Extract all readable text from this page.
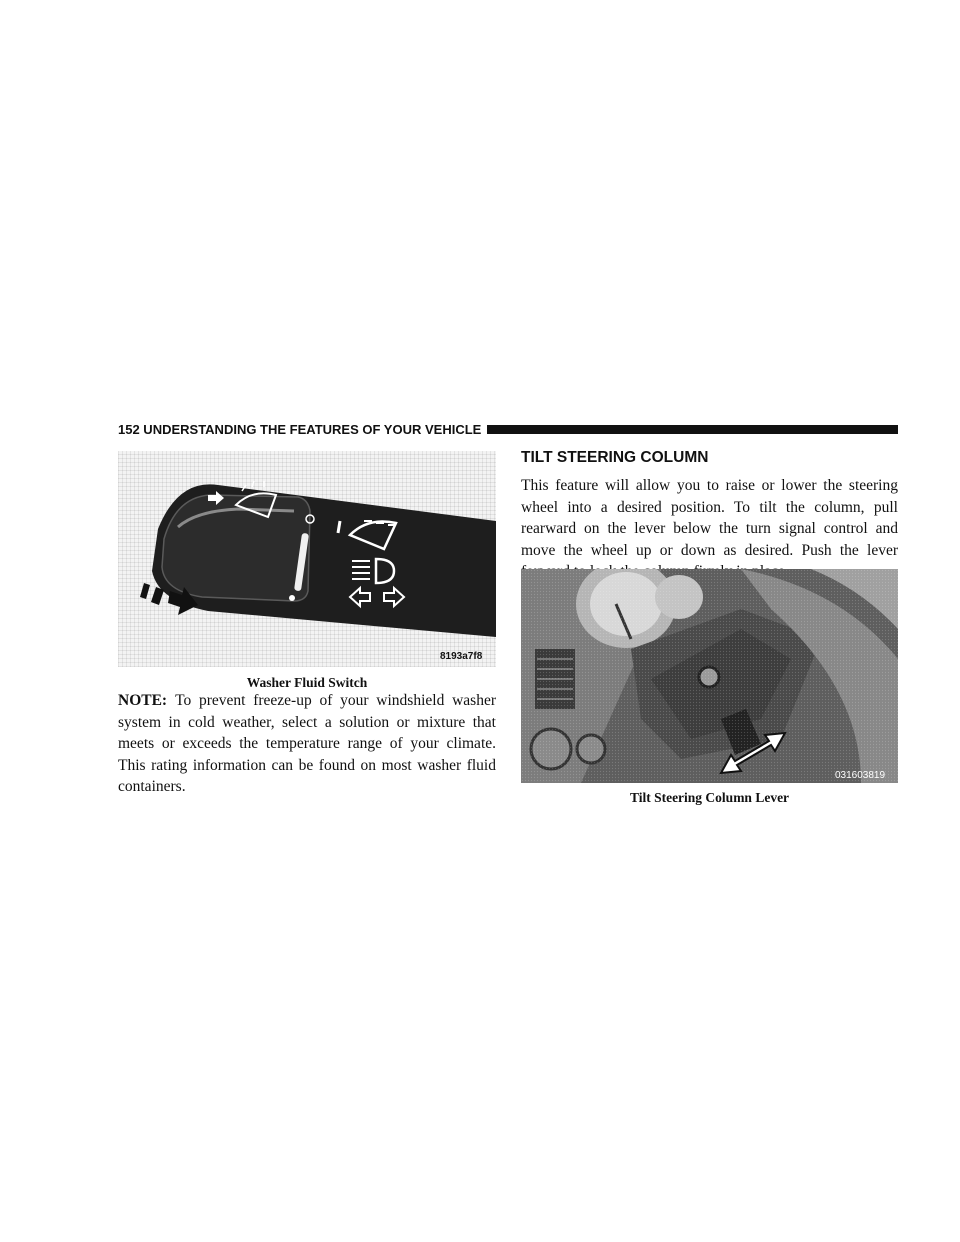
152 UNDERSTANDING THE FEATURES OF YOUR VEHICLE
8193a7f8
Washer Fluid Switch
NOTE: To prevent freeze-up of your windshield washer system in cold weather, select a solution or mixture that meets or exceeds the temperature range of your climate. This rating information can be found on most washer fluid containers.
TILT STEERING COLUMN
This feature will allow you to raise or lower the steering wheel into a desired position. To tilt the column, pull rearward on the lever below the turn signal control and move the wheel up or down as desired. Push the lever
031603819
Tilt Steering Column Lever
